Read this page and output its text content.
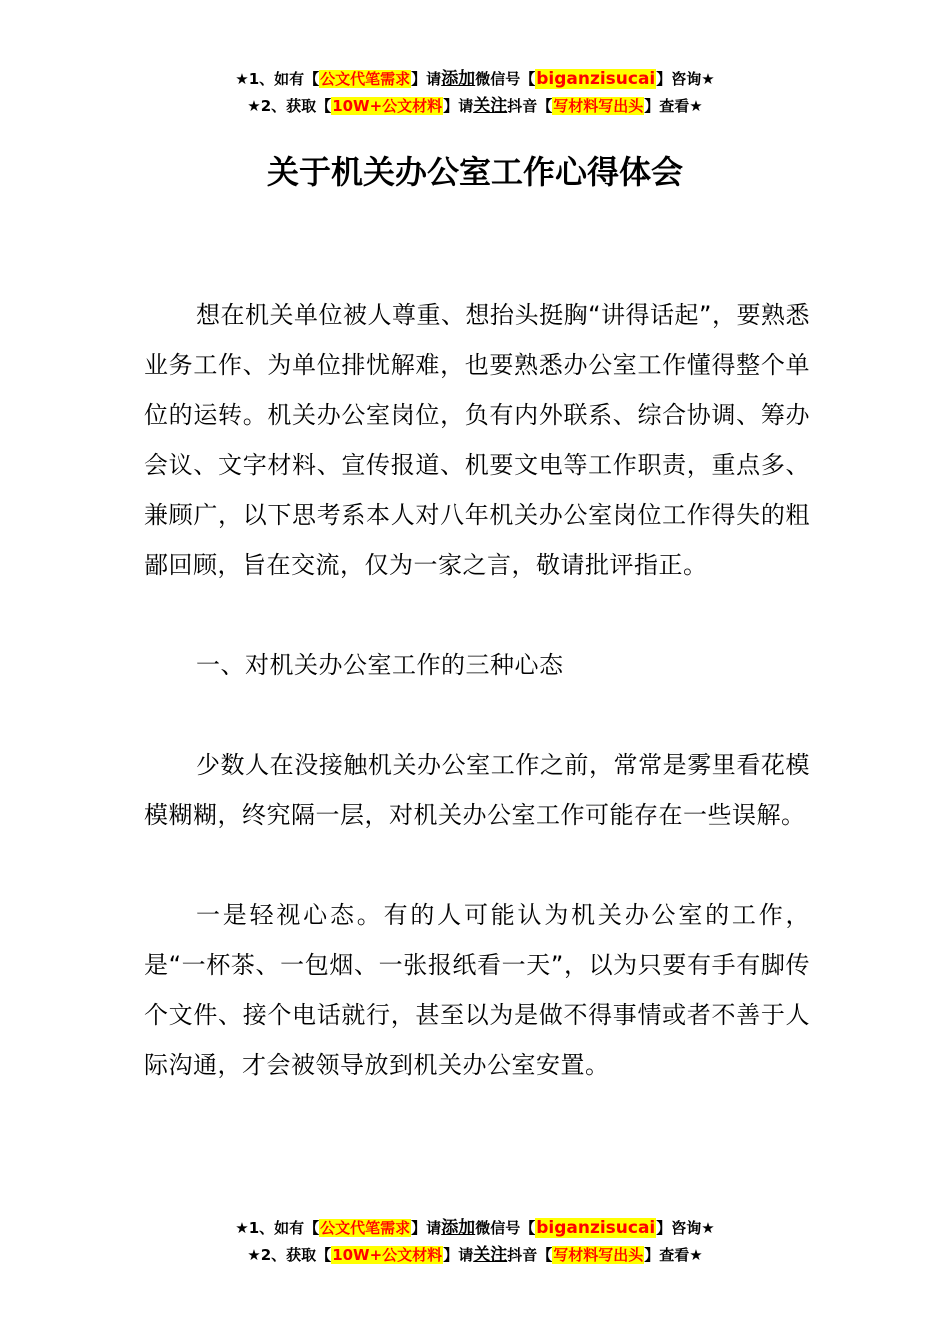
★1、如有【公文代笔需求】请添加微信号【biganzisucai】咨询★
★2、获取【10W+公文材料】请关注抖音【写材料写出头】查看★
关于机关办公室工作心得体会

想在机关单位被人尊重、想抬头挺胸“讲得话起”，要熟悉业务工作、为单位排忧解难，也要熟悉办公室工作懂得整个单位的运转。机关办公室岗位，负有内外联系、综合协调、筹办会议、文字材料、宣传报道、机要文电等工作职责，重点多、兼顾广，以下思考系本人对八年机关办公室岗位工作得失的粗鄙回顾，旨在交流，仅为一家之言，敬请批评指正。

一、对机关办公室工作的三种心态

少数人在没接触机关办公室工作之前，常常是雾里看花模模糊糊，终究隔一层，对机关办公室工作可能存在一些误解。

一是轻视心态。有的人可能认为机关办公室的工作，是“一杯茶、一包烟、一张报纸看一天”，以为只要有手有脚传个文件、接个电话就行，甚至以为是做不得事情或者不善于人际沟通，才会被领导放到机关办公室安置。

★1、如有【公文代笔需求】请添加微信号【biganzisucai】咨询★
★2、获取【10W+公文材料】请关注抖音【写材料写出头】查看★
